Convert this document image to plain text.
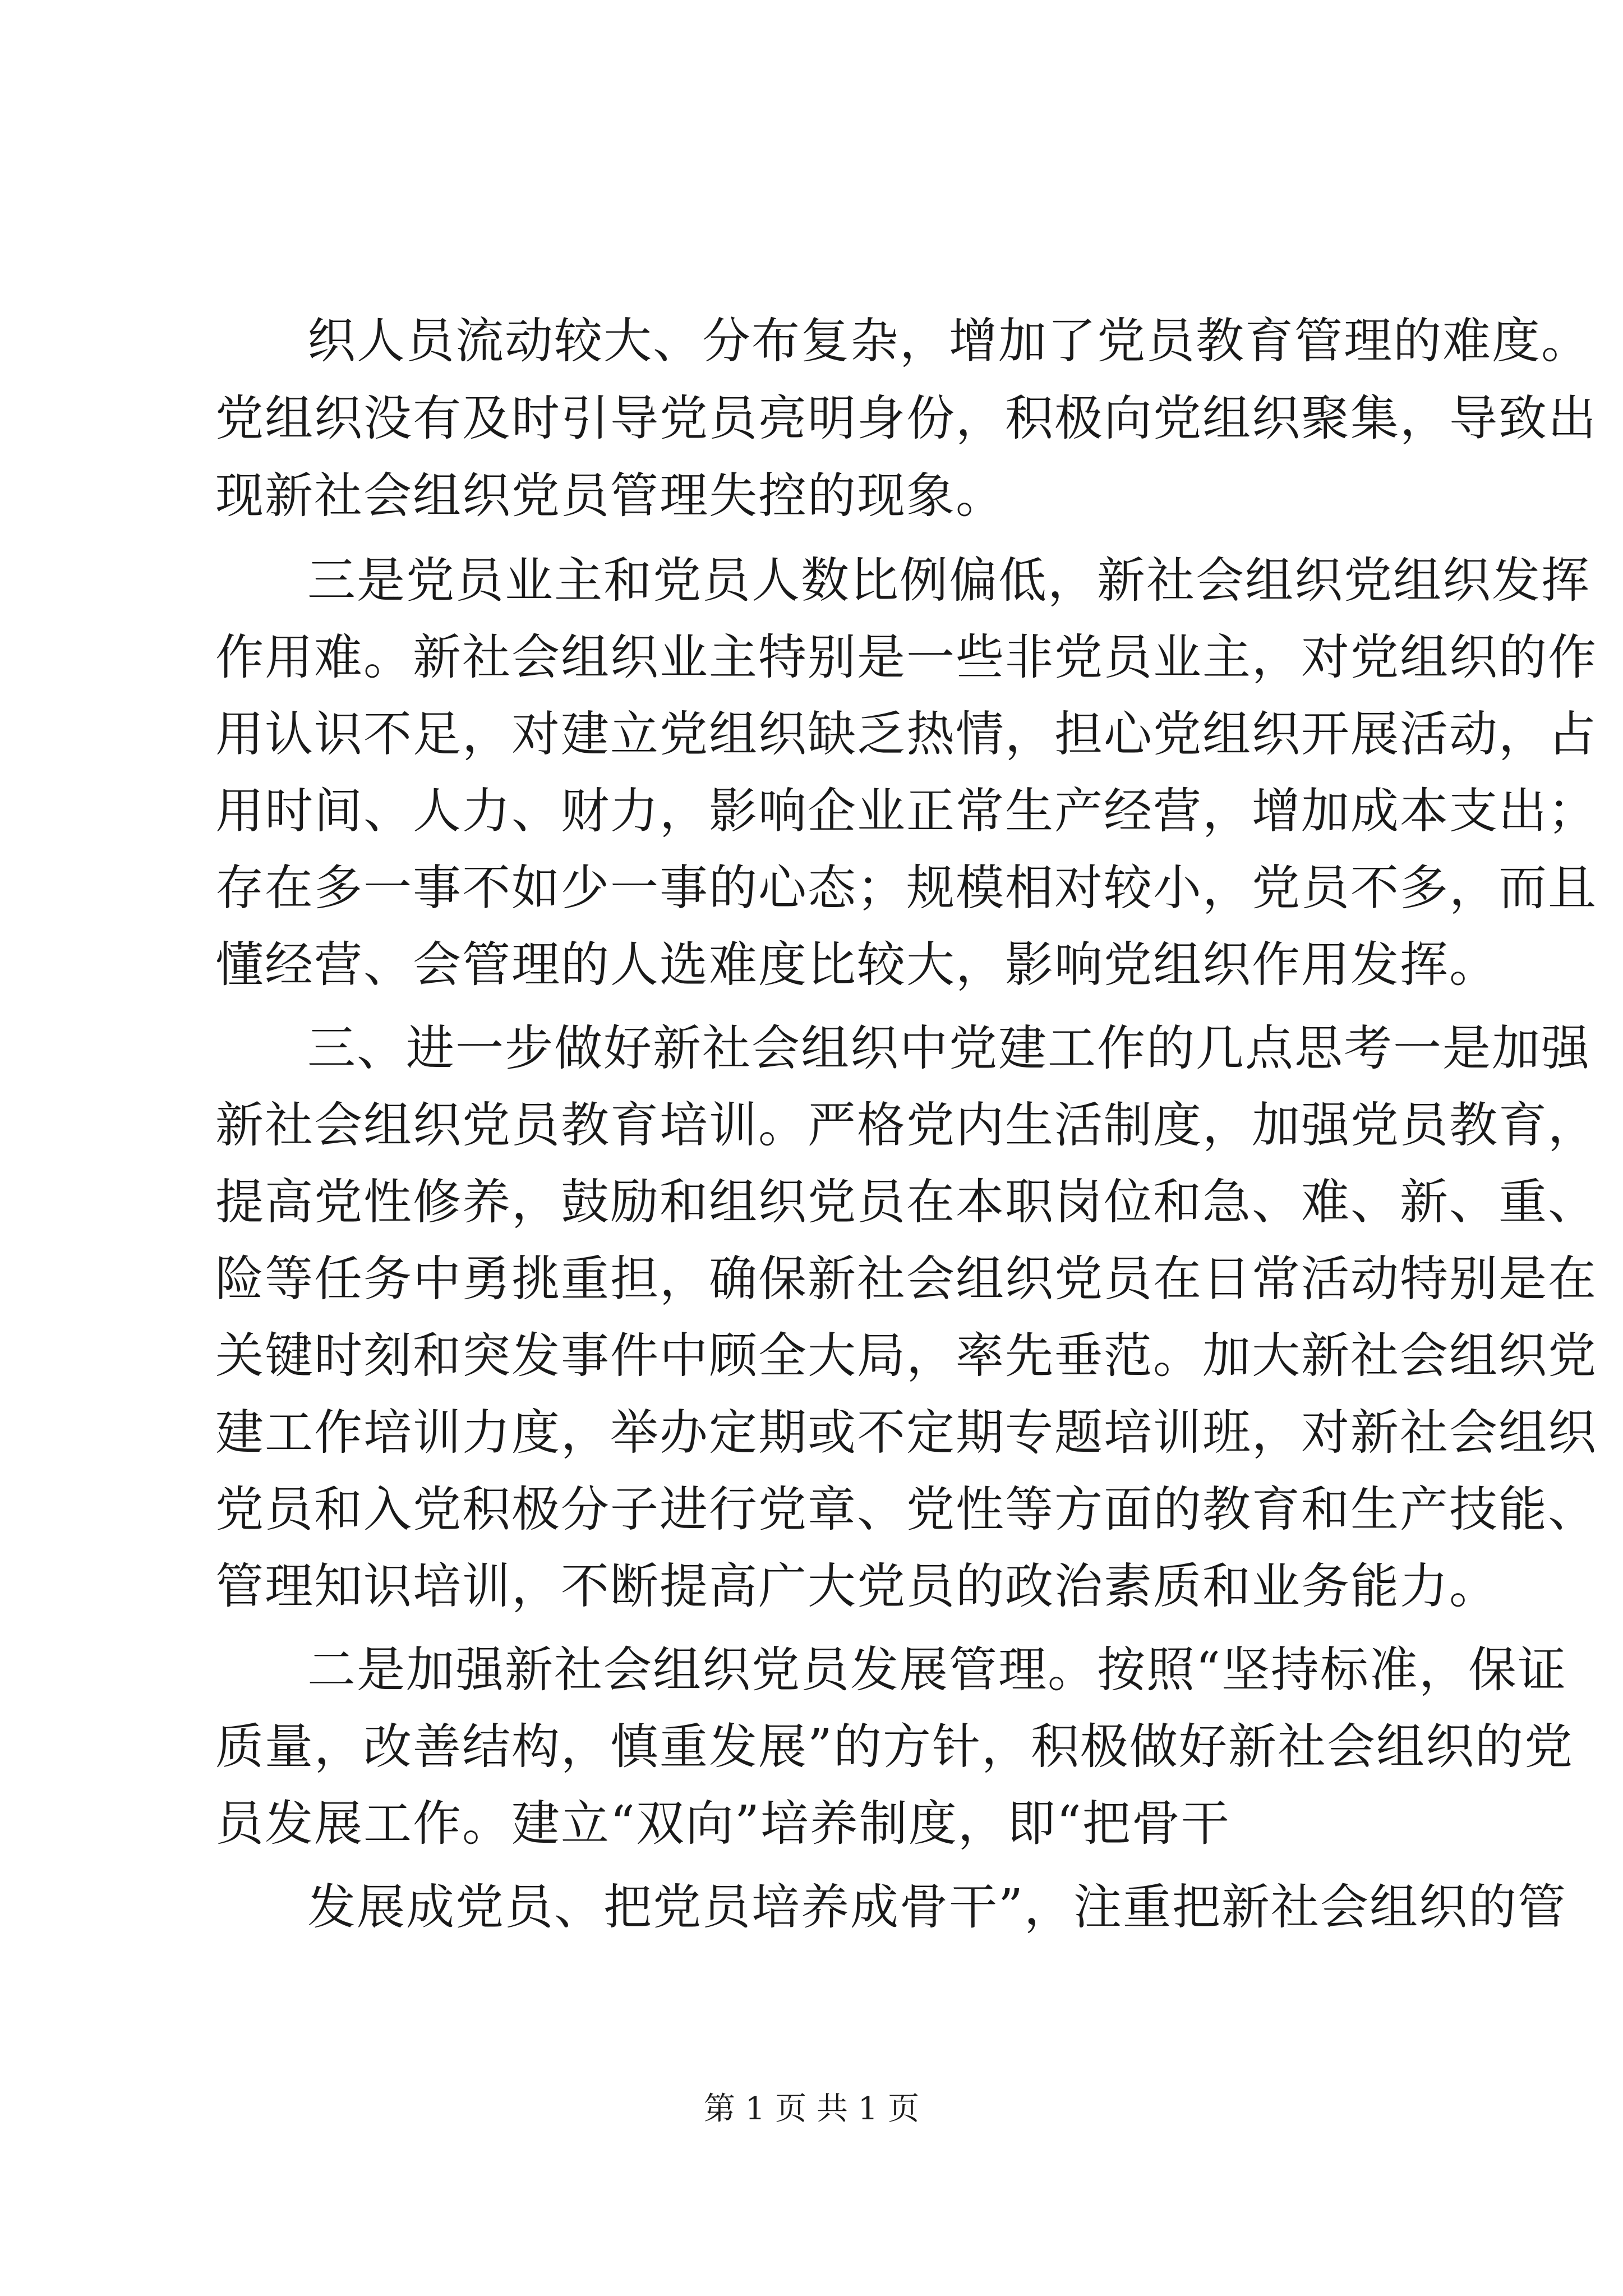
织人员流动较大、分布复杂，增加了党员教育管理的难度。
党组织没有及时引导党员亮明身份，积极向党组织聚集，导致出
现新社会组织党员管理失控的现象。
三是党员业主和党员人数比例偏低，新社会组织党组织发挥
作用难。新社会组织业主特别是一些非党员业主，对党组织的作
用认识不足，对建立党组织缺乏热情，担心党组织开展活动，占
用时间、人力、财力，影响企业正常生产经营，增加成本支出；
存在多一事不如少一事的心态；规模相对较小，党员不多，而且
懂经营、会管理的人选难度比较大，影响党组织作用发挥。
三、进一步做好新社会组织中党建工作的几点思考一是加强
新社会组织党员教育培训。严格党内生活制度，加强党员教育，
提高党性修养，鼓励和组织党员在本职岗位和急、难、新、重、
险等任务中勇挑重担，确保新社会组织党员在日常活动特别是在
关键时刻和突发事件中顾全大局，率先垂范。加大新社会组织党
建工作培训力度，举办定期或不定期专题培训班，对新社会组织
党员和入党积极分子进行党章、党性等方面的教育和生产技能、
管理知识培训，不断提高广大党员的政治素质和业务能力。
二是加强新社会组织党员发展管理。按照“坚持标准，保证
质量，改善结构，慎重发展”的方针，积极做好新社会组织的党
员发展工作。建立“双向”培养制度，即“把骨干
发展成党员、把党员培养成骨干”，注重把新社会组织的管
第 1 页 共 1 页
